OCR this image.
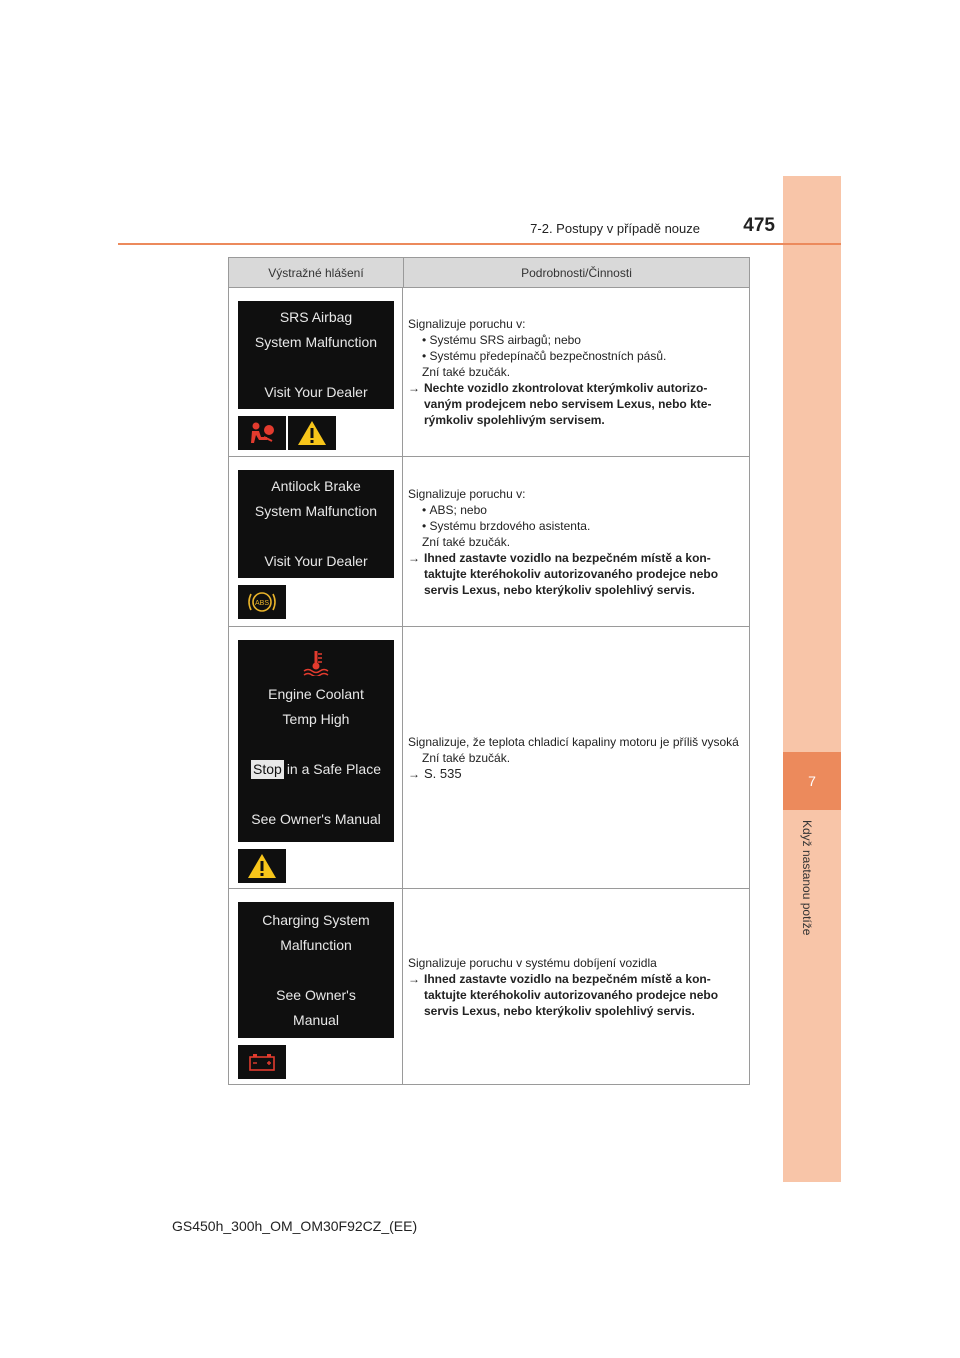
7
Když nastanou potíže
7-2. Postupy v případě nouze	475
Výstražné hlášení	Podrobnosti/Činnosti
SRS Airbag
System Malfunction
Visit Your Dealer
Signalizuje poruchu v:
• Systému SRS airbagů; nebo
• Systému předepínačů bezpečnostních pásů.
Zní také bzučák.
→ Nechte vozidlo zkontrolovat kterýmkoliv autorizo-vaným prodejcem nebo servisem Lexus, nebo kte-rýmkoliv spolehlivým servisem.
Antilock Brake
System Malfunction
Visit Your Dealer
ABS
Signalizuje poruchu v:
• ABS; nebo
• Systému brzdového asistenta.
Zní také bzučák.
→ Ihned zastavte vozidlo na bezpečném místě a kon-taktujte kteréhokoliv autorizovaného prodejce nebo servis Lexus, nebo kterýkoliv spolehlivý servis.
Engine Coolant
Temp High
Stop in a Safe Place
See Owner's Manual
Signalizuje, že teplota chladicí kapaliny motoru je příliš vysoká
Zní také bzučák.
→ S. 535
Charging System
Malfunction
See Owner's
Manual
Signalizuje poruchu v systému dobíjení vozidla
→ Ihned zastavte vozidlo na bezpečném místě a kon-taktujte kteréhokoliv autorizovaného prodejce nebo servis Lexus, nebo kterýkoliv spolehlivý servis.
GS450h_300h_OM_OM30F92CZ_(EE)
